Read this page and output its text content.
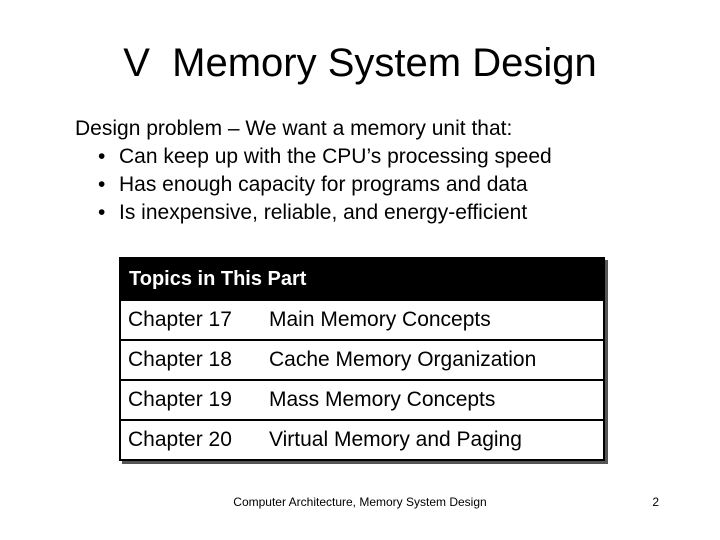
V  Memory System Design
Design problem – We want a memory unit that:
• Can keep up with the CPU’s processing speed
• Has enough capacity for programs and data
• Is inexpensive, reliable, and energy-efficient
Topics in This Part
Chapter 17 Main Memory Concepts
Chapter 18 Cache Memory Organization
Chapter 19 Mass Memory Concepts
Chapter 20 Virtual Memory and Paging
Computer Architecture, Memory System Design	2
